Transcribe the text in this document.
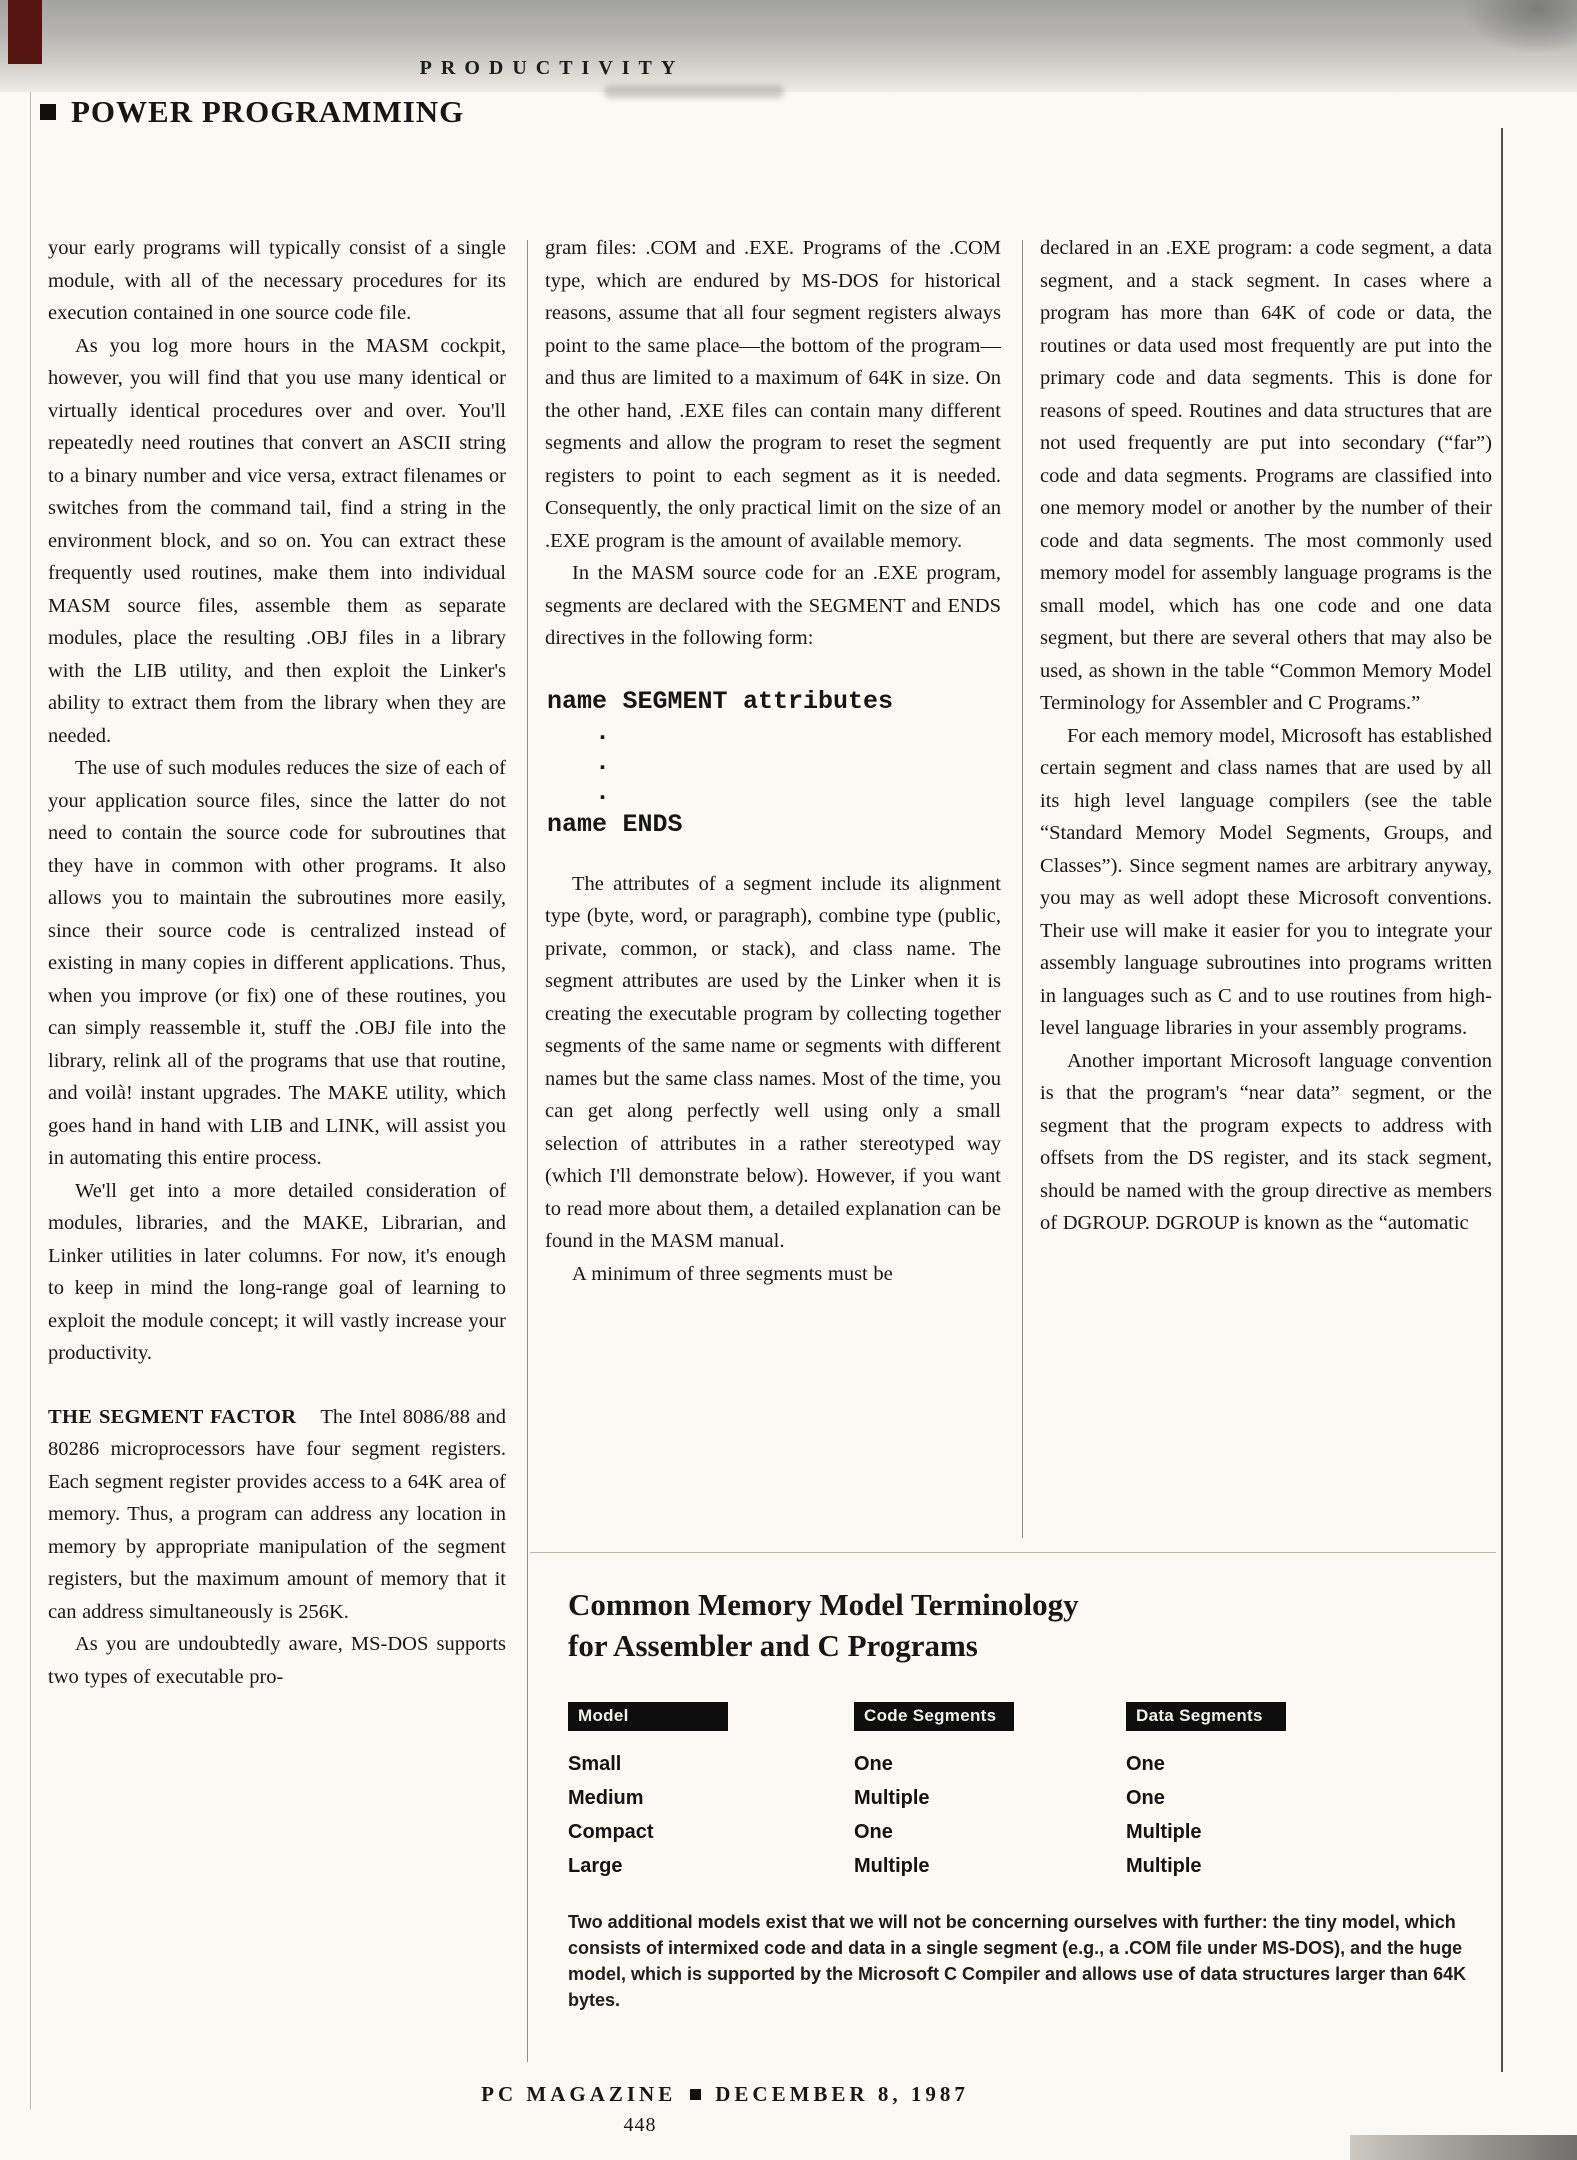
PRODUCTIVITY
POWER PROGRAMMING

your early programs will typically consist of a single module, with all of the necessary procedures for its execution contained in one source code file.

As you log more hours in the MASM cockpit, however, you will find that you use many identical or virtually identical procedures over and over. You'll repeatedly need routines that convert an ASCII string to a binary number and vice versa, extract filenames or switches from the command tail, find a string in the environment block, and so on. You can extract these frequently used routines, make them into individual MASM source files, assemble them as separate modules, place the resulting .OBJ files in a library with the LIB utility, and then exploit the Linker's ability to extract them from the library when they are needed.

The use of such modules reduces the size of each of your application source files, since the latter do not need to contain the source code for subroutines that they have in common with other programs. It also allows you to maintain the subroutines more easily, since their source code is centralized instead of existing in many copies in different applications. Thus, when you improve (or fix) one of these routines, you can simply reassemble it, stuff the .OBJ file into the library, relink all of the programs that use that routine, and voilà! instant upgrades. The MAKE utility, which goes hand in hand with LIB and LINK, will assist you in automating this entire process.

We'll get into a more detailed consideration of modules, libraries, and the MAKE, Librarian, and Linker utilities in later columns. For now, it's enough to keep in mind the long-range goal of learning to exploit the module concept; it will vastly increase your productivity.

THE SEGMENT FACTOR The Intel 8086/88 and 80286 microprocessors have four segment registers. Each segment register provides access to a 64K area of memory. Thus, a program can address any location in memory by appropriate manipulation of the segment registers, but the maximum amount of memory that it can address simultaneously is 256K.

As you are undoubtedly aware, MS-DOS supports two types of executable pro-

gram files: .COM and .EXE. Programs of the .COM type, which are endured by MS-DOS for historical reasons, assume that all four segment registers always point to the same place—the bottom of the program—and thus are limited to a maximum of 64K in size. On the other hand, .EXE files can contain many different segments and allow the program to reset the segment registers to point to each segment as it is needed. Consequently, the only practical limit on the size of an .EXE program is the amount of available memory.

In the MASM source code for an .EXE program, segments are declared with the SEGMENT and ENDS directives in the following form:

name SEGMENT attributes
.
.
.
name ENDS

The attributes of a segment include its alignment type (byte, word, or paragraph), combine type (public, private, common, or stack), and class name. The segment attributes are used by the Linker when it is creating the executable program by collecting together segments of the same name or segments with different names but the same class names. Most of the time, you can get along perfectly well using only a small selection of attributes in a rather stereotyped way (which I'll demonstrate below). However, if you want to read more about them, a detailed explanation can be found in the MASM manual.

A minimum of three segments must be

declared in an .EXE program: a code segment, a data segment, and a stack segment. In cases where a program has more than 64K of code or data, the routines or data used most frequently are put into the primary code and data segments. This is done for reasons of speed. Routines and data structures that are not used frequently are put into secondary (“far”) code and data segments. Programs are classified into one memory model or another by the number of their code and data segments. The most commonly used memory model for assembly language programs is the small model, which has one code and one data segment, but there are several others that may also be used, as shown in the table “Common Memory Model Terminology for Assembler and C Programs.”

For each memory model, Microsoft has established certain segment and class names that are used by all its high level language compilers (see the table “Standard Memory Model Segments, Groups, and Classes”). Since segment names are arbitrary anyway, you may as well adopt these Microsoft conventions. Their use will make it easier for you to integrate your assembly language subroutines into programs written in languages such as C and to use routines from high-level language libraries in your assembly programs.

Another important Microsoft language convention is that the program's “near data” segment, or the segment that the program expects to address with offsets from the DS register, and its stack segment, should be named with the group directive as members of DGROUP. DGROUP is known as the “automatic

Common Memory Model Terminology
for Assembler and C Programs
Model	Code Segments	Data Segments
Small	One	One
Medium	Multiple	One
Compact	One	Multiple
Large	Multiple	Multiple
Two additional models exist that we will not be concerning ourselves with further: the tiny model, which consists of intermixed code and data in a single segment (e.g., a .COM file under MS-DOS), and the huge model, which is supported by the Microsoft C Compiler and allows use of data structures larger than 64K bytes.
PC MAGAZINE DECEMBER 8, 1987
448
